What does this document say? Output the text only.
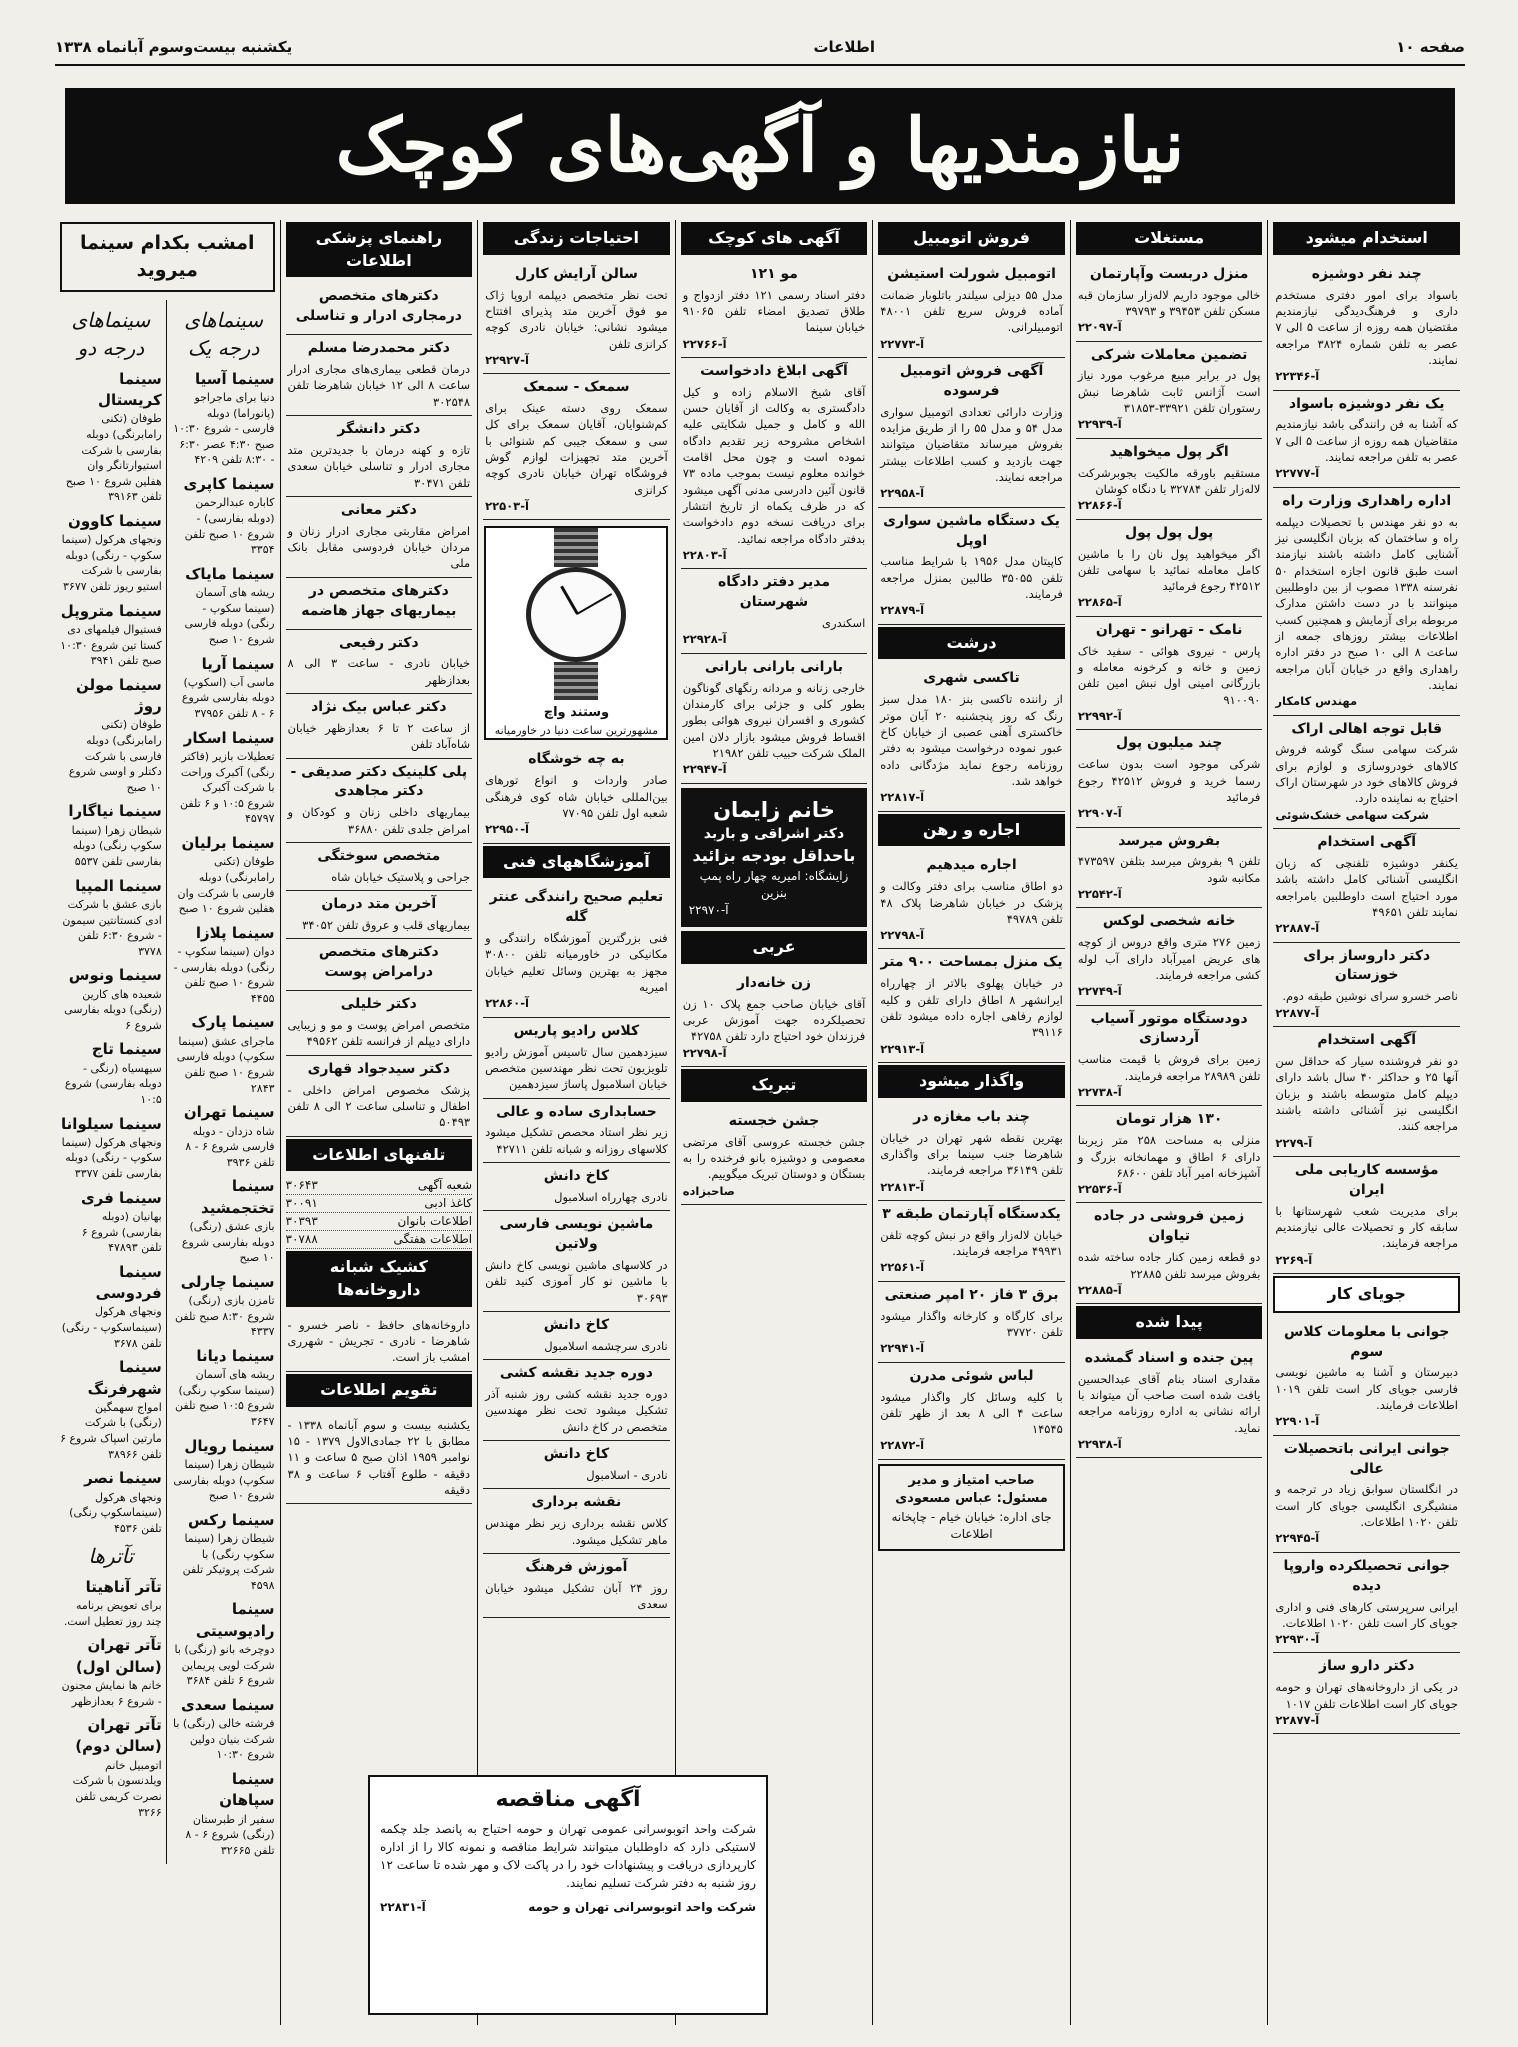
صفحه ۱۰
اطلاعات
یکشنبه بیست‌وسوم آبانماه ۱۳۳۸
نیازمندیها و آگهی‌های کوچک
استخدام میشود
چند نفر دوشیزه

باسواد برای امور دفتری مستخدم داری و فرهنگ‌دیدگی نیازمندیم مقتضیان همه روزه از ساعت ۵ الی ۷ عصر به تلفن شماره ۳۸۲۴ مراجعه نمایند.

آ-۲۲۳۴۶
یک نفر دوشیزه باسواد

که آشنا به فن رانندگی باشد نیازمندیم متقاضیان همه روزه از ساعت ۵ الی ۷ عصر به تلفن مراجعه نمایند.

آ-۲۲۷۷۷
اداره راهداری وزارت راه

به دو نفر مهندس با تحصیلات دیپلمه راه و ساختمان که بزبان انگلیسی نیز آشنایی کامل داشته باشند نیازمند است طبق قانون اجازه استخدام ۵۰ نفرسنه ۱۳۳۸ مصوب از بین داوطلبین مینوانند با در دست داشتن مدارک مربوطه برای آزمایش و همچنین کسب اطلاعات بیشتر روزهای جمعه از ساعت ۸ الی ۱۰ صبح در دفتر اداره راهداری واقع در خیابان آبان مراجعه نمایند.

مهندس کامکار
قابل توجه اهالی اراک

شرکت سهامی سنگ گوشه فروش کالاهای خودروسازی و لوازم برای فروش کالاهای خود در شهرستان اراک احتیاج به نماینده دارد.

شرکت سهامی خشک‌شوئی
آگهی استخدام

یکنفر دوشیزه تلفنچی که زبان انگلیسی آشنائی کامل داشته باشد مورد احتیاج است داوطلبین بامراجعه نمایند تلفن ۴۹۶۵۱

آ-۲۲۸۸۷
دکتر داروساز برای خوزستان

ناصر خسرو سرای نوشین طبقه دوم.

آ-۲۲۸۷۷
آگهی استخدام

دو نفر فروشنده سیار که حداقل سن آنها ۲۵ و حداکثر ۴۰ سال باشد دارای دیپلم کامل متوسطه باشند و بزبان انگلیسی نیز آشنائی داشته باشند مراجعه کنند.

آ-۲۲۷۹
مؤسسه کاریابی ملی ایران

برای مدیریت شعب شهرستانها با سابقه کار و تحصیلات عالی نیازمندیم مراجعه فرمایند.

آ-۲۲۶۹
جویای کار
جوانی با معلومات کلاس سوم

دبیرستان و آشنا به ماشین نویسی فارسی جویای کار است تلفن ۱۰۱۹ اطلاعات فرمایند.

آ-۲۲۹۰۱
جوانی ایرانی باتحصیلات عالی

در انگلستان سوابق زیاد در ترجمه و منشیگری انگلیسی جویای کار است تلفن ۱۰۲۰ اطلاعات.

آ-۲۲۹۴۵
جوانی تحصیلکرده واروپا دیده

ایرانی سرپرستی کارهای فنی و اداری جویای کار است تلفن ۱۰۲۰ اطلاعات.

آ-۲۲۹۳۰
دکتر دارو ساز

در یکی از داروخانه‌های تهران و حومه جویای کار است اطلاعات تلفن ۱۰۱۷

آ-۲۲۸۷۷
مستغلات
منزل دربست وآپارتمان

خالی موجود داریم لاله‌زار سازمان قبه مسکن تلفن ۳۹۴۵۳ و ۳۹۷۹۳

آ-۲۲۰۹۷
تضمین معاملات شرکی

پول در برابر مبیع مرغوب مورد نیاز است آژانس ثابت شاهرضا نبش رستوران تلفن ۳۳۹۲۱-۳۱۸۵۳

آ-۲۲۹۳۹
اگر پول میخواهید

مستقیم باورقه مالکیت بجوبرشرکت لاله‌زار تلفن ۳۲۷۸۴ با دنگاه کوشان

آ-۲۲۸۶۶
پول پول پول

اگر میخواهید پول نان را با ماشین کامل معامله نمائید با سهامی تلفن ۴۲۵۱۲ رجوع فرمائید

آ-۲۲۸۶۵
نامک - تهرانو - تهران

پارس - نیروی هوائی - سفید خاک زمین و خانه و کرخونه معامله و بازرگانی امینی اول نبش امین تلفن ۹۱۰۰۹۰

آ-۲۲۹۹۲
چند میلیون پول

شرکی موجود است بدون ساعت رسما خرید و فروش ۴۲۵۱۲ رجوع فرمائید

آ-۲۲۹۰۷
بفروش میرسد

تلفن ۹ بفروش میرسد بتلفن ۴۷۳۵۹۷ مکانبه شود

آ-۲۲۵۴۲
خانه شخصی لوکس

زمین ۲۷۶ متری واقع دروس از کوچه های عریض امیرآباد دارای آب لوله کشی مراجعه فرمایند.

آ-۲۲۷۴۹
دودستگاه موتور آسیاب آردسازی

زمین برای فروش با قیمت مناسب تلفن ۲۸۹۸۹ مراجعه فرمایند.

آ-۲۲۷۳۸
۱۳۰ هزار تومان

منزلی به مساحت ۲۵۸ متر زیربنا دارای ۶ اطاق و مهمانخانه بزرگ و آشپزخانه امیر آباد تلفن ۶۸۶۰۰

آ-۲۲۵۳۶
زمین فروشی در جاده تیاوان

دو قطعه زمین کنار جاده ساخته شده بفروش میرسد تلفن ۲۲۸۸۵

آ-۲۲۸۸۵
پیدا شده
پین جنده و اسناد گمشده

مقداری اسناد بنام آقای عبدالحسین یافت شده است صاحب آن میتواند با ارائه نشانی به اداره روزنامه مراجعه نماید.

آ-۲۲۹۳۸
فروش اتومبیل
اتومبیل شورلت استیشن

مدل ۵۵ دیزلی سیلندر باتلوبار ضمانت آماده فروش سریع تلفن ۴۸۰۰۱ اتومبیلرانی.

آ-۲۲۷۷۳
آگهی فروش اتومبیل فرسوده

وزارت دارائی تعدادی اتومبیل سواری مدل ۵۴ و مدل ۵۵ را از طریق مزایده بفروش میرساند متقاضیان میتوانند جهت بازدید و کسب اطلاعات بیشتر مراجعه نمایند.

آ-۲۲۹۵۸
یک دستگاه ماشین سواری اوپل

کاپیتان مدل ۱۹۵۶ با شرایط مناسب تلفن ۳۵۰۵۵ طالبین بمنزل مراجعه فرمایند.

آ-۲۲۸۷۹
درشت
تاکسی شهری

از راننده تاکسی بنز ۱۸۰ مدل سبز رنگ که روز پنجشنبه ۲۰ آبان موتر خاکستری آهنی عصبی از خیابان کاخ عبور نموده درخواست میشود به دفتر روزنامه رجوع نماید مژدگانی داده خواهد شد.

آ-۲۲۸۱۷
اجاره و رهن
اجاره میدهیم

دو اطاق مناسب برای دفتر وکالت و پزشک در خیابان شاهرضا پلاک ۴۸ تلفن ۴۹۷۸۹

آ-۲۲۷۹۸
یک منزل بمساحت ۹۰۰ متر

در خیابان پهلوی بالاتر از چهارراه ایرانشهر ۸ اطاق دارای تلفن و کلیه لوازم رفاهی اجاره داده میشود تلفن ۳۹۱۱۶

آ-۲۲۹۱۳
واگذار میشود
چند باب مغازه در

بهترین نقطه شهر تهران در خیابان شاهرضا جنب سینما برای واگذاری تلفن ۳۶۱۴۹ مراجعه فرمایند.

آ-۲۲۸۱۳
یکدستگاه آپارتمان طبقه ۳

خیابان لاله‌زار واقع در نبش کوچه تلفن ۴۹۹۳۱ مراجعه فرمایند.

آ-۲۲۵۶۱
برق ۳ فاز ۲۰ امپر صنعتی

برای کارگاه و کارخانه واگذار میشود تلفن ۳۷۷۲۰

آ-۲۲۹۴۱
لباس شوئی مدرن

با کلیه وسائل کار واگذار میشود ساعت ۴ الی ۸ بعد از ظهر تلفن ۱۴۵۴۵

آ-۲۲۸۷۲
صاحب امتیاز و مدیر مسئول: عباس مسعودی
جای اداره: خیابان خیام - چاپخانه اطلاعات
آگهی های کوچک
مو ۱۲۱

دفتر اسناد رسمی ۱۲۱ دفتر ازدواج و طلاق تصدیق امضاء تلفن ۹۱۰۶۵ خیابان سینما

آ-۲۲۷۶۶
آگهی ابلاغ دادخواست

آقای شیخ الاسلام زاده و کیل دادگستری به وکالت از آقایان حسن الله و کامل و جمیل شکایتی علیه اشخاص مشروحه زیر تقدیم دادگاه نموده است و چون محل اقامت خوانده معلوم نیست بموجب ماده ۷۳ قانون آئین دادرسی مدنی آگهی میشود که در ظرف یکماه از تاریخ انتشار برای دریافت نسخه دوم دادخواست بدفتر دادگاه مراجعه نمائید.

آ-۲۲۸۰۳
مدیر دفتر دادگاه شهرستان

اسکندری

آ-۲۲۹۲۸
بارانی بارانی بارانی

خارجی زنانه و مردانه رنگهای گوناگون بطور کلی و جزئی برای کارمندان کشوری و افسران نیروی هوائی بطور اقساط فروش میشود بازار دلان امین الملک شرکت حبیب تلفن ۲۱۹۸۲

آ-۲۲۹۴۷
خانم زایمان
دکتر اشراقی و باربد
باحداقل بودجه بزائید
زایشگاه: امیریه چهار راه پمپ بنزین
آ-۲۲۹۷۰
عربی
زن خانه‌دار

آقای خیابان صاحب جمع پلاک ۱۰ زن تحصیلکرده جهت آموزش عربی فرزندان خود احتیاج دارد تلفن ۴۲۷۵۸

آ-۲۲۷۹۸
تبریک
جشن خجسته

جشن خجسته عروسی آقای مرتضی معصومی و دوشیزه بانو فرخنده را به بستگان و دوستان تبریک میگوییم.

صاحبزاده
احتیاجات زندگی
سالن آرایش کارل

تحت نظر متخصص دیپلمه اروپا ژاک مو فوق آخرین متد پذیرای افتتاح میشود نشانی: خیابان نادری کوچه کرانزی تلفن

آ-۲۲۹۲۷
سمعک - سمعک

سمعک روی دسته عینک برای کم‌شنوایان، آقایان سمعک برای کل سی و سمعک جیبی کم شنوائی با آخرین متد تجهیزات لوازم گوش فروشگاه تهران خیابان نادری کوچه کرانزی

آ-۲۲۵۰۳
وستند واچ
مشهورترین ساعت دنیا در خاورمیانه
به چه خوشگاه

صادر واردات و انواع تورهای بین‌المللی خیابان شاه کوی فرهنگی شعبه اول تلفن ۷۷۰۹۵

آ-۲۲۹۵۰
آموزشگاههای فنی
تعلیم صحیح رانندگی عنتر گله

فنی بزرگترین آموزشگاه رانندگی و مکانیکی در خاورمیانه تلفن ۳۰۸۰۰ مجهز به بهترین وسائل تعلیم خیابان امیریه

آ-۲۲۸۶۰
کلاس رادیو پاریس

سیزدهمین سال تاسیس آموزش رادیو تلویزیون تحت نظر مهندسین متخصص خیابان اسلامبول پاساژ سیزدهمین

حسابداری ساده و عالی

زیر نظر استاد محصص تشکیل میشود کلاسهای روزانه و شبانه تلفن ۴۲۷۱۱

کاخ دانش

نادری چهارراه اسلامبول

ماشین نویسی فارسی ولاتین

در کلاسهای ماشین نویسی کاخ دانش با ماشین نو کار آموزی کنید تلفن ۳۰۶۹۳

کاخ دانش

نادری سرچشمه اسلامبول

دوره جدید نقشه کشی

دوره جدید نقشه کشی روز شنبه آذر تشکیل میشود تحت نظر مهندسین متخصص در کاخ دانش

کاخ دانش

نادری - اسلامبول

نقشه برداری

کلاس نقشه برداری زیر نظر مهندس ماهر تشکیل میشود.

آموزش فرهنگ

روز ۲۴ آبان تشکیل میشود خیابان سعدی

راهنمای پزشکی اطلاعات
دکترهای متخصص درمجاری ادرار و تناسلی
دکتر محمدرضا مسلم

درمان قطعی بیماری‌های مجاری ادرار ساعت ۸ الی ۱۲ خیابان شاهرضا تلفن ۳۰۲۵۴۸

دکتر دانشگر

تازه و کهنه درمان با جدیدترین متد مجاری ادرار و تناسلی خیابان سعدی تلفن ۳۰۴۷۱

دکتر معانی

امراض مقاربتی مجاری ادرار زنان و مردان خیابان فردوسی مقابل بانک ملی

دکترهای متخصص در بیماریهای جهاز هاضمه
دکتر رفیعی

خیابان نادری - ساعت ۳ الی ۸ بعدازظهر

دکتر عباس بیک نژاد

از ساعت ۲ تا ۶ بعدازظهر خیابان شاه‌آباد تلفن

پلی کلینیک دکتر صدیقی - دکتر مجاهدی

بیماریهای داخلی زنان و کودکان و امراض جلدی تلفن ۳۶۸۸۰

متخصص سوختگی

جراحی و پلاستیک خیابان شاه

آخرین متد درمان

بیماریهای قلب و عروق تلفن ۳۴۰۵۲

دکترهای متخصص درامراض پوست
دکتر خلیلی

متخصص امراض پوست و مو و زیبایی دارای دیپلم از فرانسه تلفن ۴۹۵۶۲

دکتر سیدجواد قهاری

پزشک مخصوص امراض داخلی - اطفال و تناسلی ساعت ۲ الی ۸ تلفن ۵۰۴۹۳

تلفنهای اطلاعات
شعبه آگهی
۳۰۶۴۳
کاغذ ادبی
۳۰۰۹۱
اطلاعات بانوان
۳۰۳۹۳
اطلاعات هفتگی
۳۰۷۸۸
کشیک شبانه داروخانه‌ها

داروخانه‌های حافظ - ناصر خسرو - شاهرضا - نادری - تجریش - شهرری امشب باز است.

تقویم اطلاعات

یکشنبه بیست و سوم آبانماه ۱۳۳۸ - مطابق با ۲۲ جمادی‌الاول ۱۳۷۹ - ۱۵ نوامبر ۱۹۵۹ اذان صبح ۵ ساعت و ۱۱ دقیقه - طلوع آفتاب ۶ ساعت و ۳۸ دقیقه

امشب بکدام سینما میروید
سینماهای درجه یک
سینما آسیا

دنیا برای ماجراجو (پانوراما) دوبله فارسی - شروع ۱۰:۳۰ صبح ۴:۳۰ عصر ۶:۳۰ - ۸:۳۰ تلفن ۴۲۰۹

سینما کاپری

کاباره عبدالرحمن (دوبله بفارسی) - شروع ۱۰ صبح تلفن ۳۳۵۴

سینما مایاک

ریشه های آسمان (سینما سکوپ - رنگی) دوبله فارسی شروع ۱۰ صبح

سینما آریا

ماسی آب (اسکوپ) دوبله بفارسی شروع ۶ - ۸ تلفن ۳۷۹۵۶

سینما اسکار

تعطیلات بازیر (فاکتر رنگی) آکبرک وراحت با شرکت آکبرک شروع ۱۰:۵ و ۶ تلفن ۴۵۷۹۷

سینما برلیان

طوفان (تکنی رامابرنگی) دوبله فارسی با شرکت وان هفلین شروع ۱۰ صبح

سینما پلازا

دوان (سینما سکوپ - رنگی) دوبله بفارسی - شروع ۱۰ صبح تلفن ۴۴۵۵

سینما پارک

ماجرای عشق (سینما سکوپ) دوبله فارسی شروع ۱۰ صبح تلفن ۲۸۴۳

سینما تهران

شاه دزدان - دوبله فارسی شروع ۶ - ۸ تلفن ۳۹۳۶

سینما تختجمشید

بازی عشق (رنگی) دوبله بفارسی شروع ۱۰ صبح

سینما چارلی

تامزن بازی (رنگی) شروع ۸:۳۰ صبح تلفن ۴۳۳۷

سینما دیانا

ریشه های آسمان (سینما سکوپ رنگی) شروع ۱۰:۵ صبح تلفن ۳۶۴۷

سینما رویال

شیطان زهرا (سینما سکوپ) دوبله بفارسی شروع ۱۰ صبح

سینما رکس

شیطان زهرا (سینما سکوپ رنگی) با شرکت پروتیکر تلفن ۴۵۹۸

سینما رادیوسیتی

دوچرخه بانو (رنگی) با شرکت لویی پریماین شروع ۶ تلفن ۳۶۸۴

سینما سعدی

فرشته خالی (رنگی) با شرکت بنیان دولین شروع ۱۰:۳۰

سینما سپاهان

سفیر از طبرستان (رنگی) شروع ۶ - ۸ تلفن ۳۲۶۶۵

سینماهای درجه دو
سینما کریستال

طوفان (تکنی رامابرنگی) دوبله بفارسی با شرکت استیوارتانگر وان هفلین شروع ۱۰ صبح تلفن ۳۹۱۶۳

سینما کاوون

ونجهای هرکول (سینما سکوپ - رنگی) دوبله بفارسی با شرکت استیو ریوز تلفن ۳۶۷۷

سینما متروپل

فستیوال فیلمهای دی کستا تین شروع ۱۰:۳۰ صبح تلفن ۳۹۴۱

سینما مولن روژ

طوفان (تکنی رامابرنگی) دوبله فارسی با شرکت دکتلر و اوسی شروع ۱۰ صبح

سینما نیاگارا

شیطان زهرا (سینما سکوپ رنگی) دوبله بفارسی تلفن ۵۵۳۷

سینما المپیا

بازی عشق با شرکت ادی کنستانتین سیمون - شروع ۶:۳۰ تلفن ۳۷۷۸

سینما ونوس

شعبده های کارین (رنگی) دوبله بفارسی شروع ۶

سینما تاج

سیهسیاه (رنگی - دوبله بفارسی) شروع ۱۰:۵

سینما سیلوانا

ونجهای هرکول (سینما سکوپ - رنگی) دوبله بفارسی تلفن ۳۳۷۷

سینما فری

بهانیان (دوبله بفارسی) شروع ۶ تلفن ۴۷۸۹۳

سینما فردوسی

ونجهای هرکول (سینماسکوپ - رنگی) تلفن ۳۶۷۸

سینما شهرفرنگ

امواج سهمگین (رنگی) با شرکت مارتین اسپاک شروع ۶ تلفن ۳۸۹۶۶

سینما نصر

ونجهای هرکول (سینماسکوپ رنگی) تلفن ۴۵۳۶

تآترها
تآتر آناهیتا

برای تعویض برنامه چند روز تعطیل است.

تآتر تهران (سالن اول)

خانم ها نمایش مجنون - شروع ۶ بعدازظهر

تآتر تهران (سالن دوم)

اتومبیل خانم ویلدنسون با شرکت نصرت کریمی تلفن ۳۲۶۶

آگهی مناقصه

شرکت واحد اتوبوسرانی عمومی تهران و حومه احتیاج به پانصد جلد چکمه لاستیکی دارد که داوطلبان میتوانند شرایط مناقصه و نمونه کالا را از اداره کارپردازی دریافت و پیشنهادات خود را در پاکت لاک و مهر شده تا ساعت ۱۲ روز شنبه به دفتر شرکت تسلیم نمایند.

شرکت واحد اتوبوسرانی تهران و حومه
آ-۲۲۸۳۱
